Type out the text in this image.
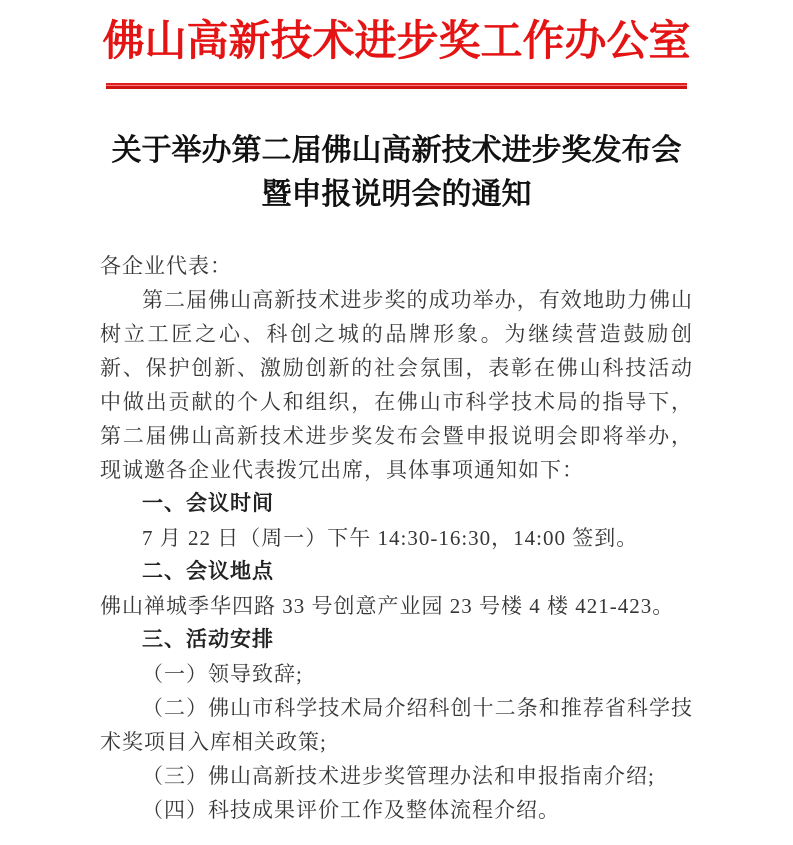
佛山高新技术进步奖工作办公室
关于举办第二届佛山高新技术进步奖发布会
暨申报说明会的通知

各企业代表：

第二届佛山高新技术进步奖的成功举办，有效地助力佛山树立工匠之心、科创之城的品牌形象。为继续营造鼓励创新、保护创新、激励创新的社会氛围，表彰在佛山科技活动中做出贡献的个人和组织，在佛山市科学技术局的指导下，第二届佛山高新技术进步奖发布会暨申报说明会即将举办，现诚邀各企业代表拨冗出席，具体事项通知如下：

一、会议时间

7 月 22 日（周一）下午 14:30-16:30，14:00 签到。

二、会议地点

佛山禅城季华四路 33 号创意产业园 23 号楼 4 楼 421-423。

三、活动安排

（一）领导致辞;

（二）佛山市科学技术局介绍科创十二条和推荐省科学技术奖项目入库相关政策;

（三）佛山高新技术进步奖管理办法和申报指南介绍;

（四）科技成果评价工作及整体流程介绍。
